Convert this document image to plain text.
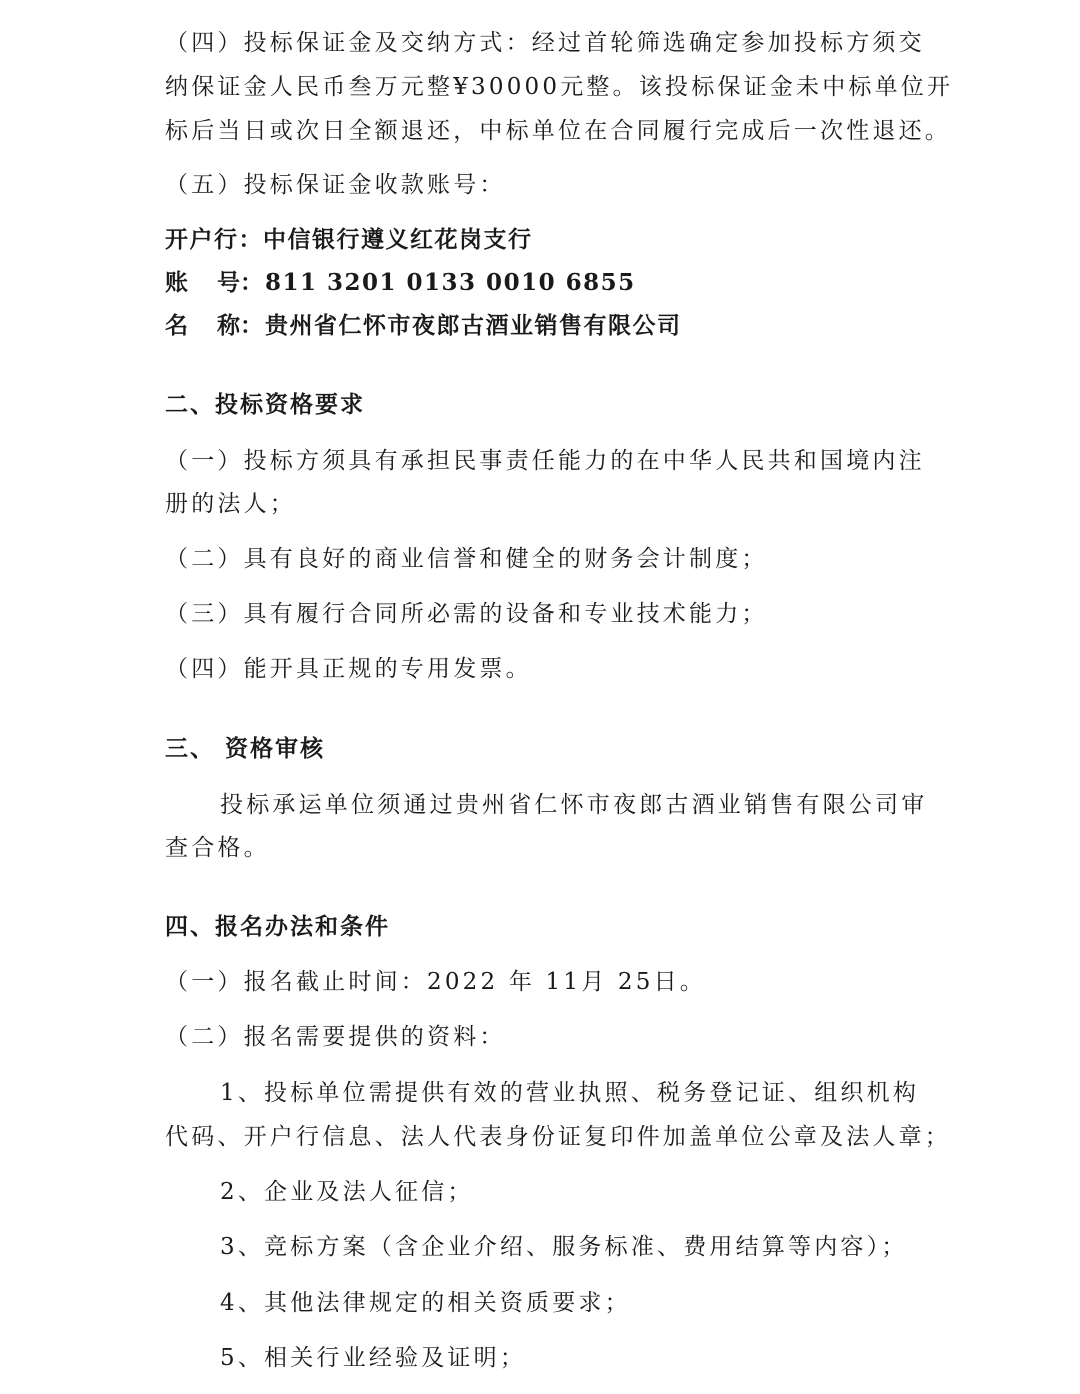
（四）投标保证金及交纳方式：经过首轮筛选确定参加投标方须交
纳保证金人民币叁万元整¥30000元整。该投标保证金未中标单位开
标后当日或次日全额退还，中标单位在合同履行完成后一次性退还。
（五）投标保证金收款账号：
开户行：中信银行遵义红花岗支行
账 号：811 3201 0133 0010 6855
名 称：贵州省仁怀市夜郎古酒业销售有限公司
二、投标资格要求
（一）投标方须具有承担民事责任能力的在中华人民共和国境内注
册的法人；
（二）具有良好的商业信誉和健全的财务会计制度；
（三）具有履行合同所必需的设备和专业技术能力；
（四）能开具正规的专用发票。
三、 资格审核
投标承运单位须通过贵州省仁怀市夜郎古酒业销售有限公司审
查合格。
四、报名办法和条件
（一）报名截止时间：2022 年 11月 25日。
（二）报名需要提供的资料：
1、投标单位需提供有效的营业执照、税务登记证、组织机构
代码、开户行信息、法人代表身份证复印件加盖单位公章及法人章；
2、企业及法人征信；
3、竞标方案（含企业介绍、服务标准、费用结算等内容）；
4、其他法律规定的相关资质要求；
5、相关行业经验及证明；
